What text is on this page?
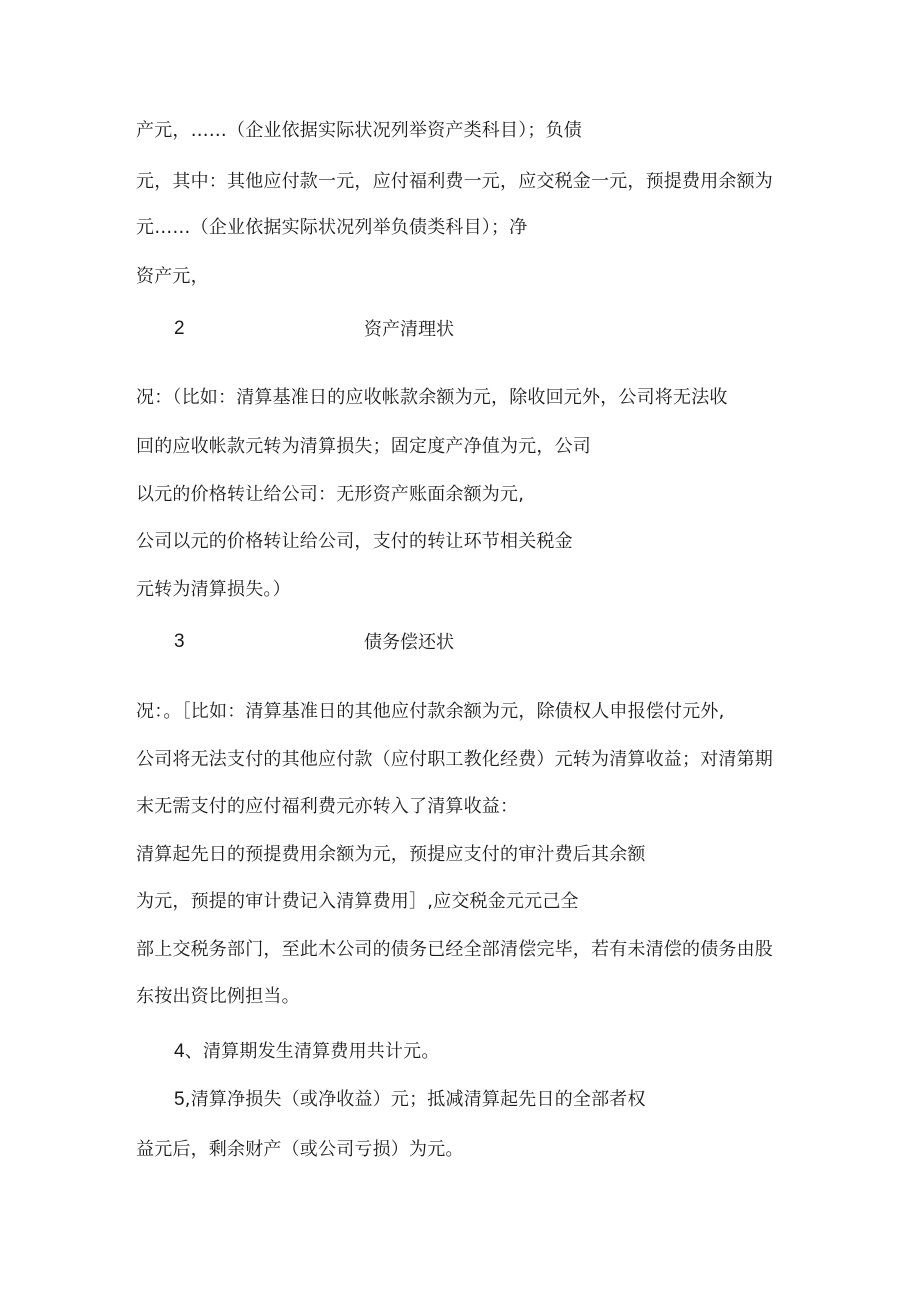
产元，……（企业依据实际状况列举资产类科目）；负债
元，其中：其他应付款一元，应付福利费一元，应交税金一元，预提费用余额为
元……（企业依据实际状况列举负债类科目）；净
资产元，
2	资产清理状
况：（比如：清算基准日的应收帐款余额为元，除收回元外，公司将无法收
回的应收帐款元转为清算损失；固定度产净值为元，公司
以元的价格转让给公司：无形资产账面余额为元,
公司以元的价格转让给公司，支付的转让环节相关税金
元转为清算损失。）
3	债务偿还状
况：。［比如：清算基准日的其他应付款余额为元，除债权人申报偿付元外,
公司将无法支付的其他应付款（应付职工教化经费）元转为清算收益；对清第期
末无需支付的应付福利费元亦转入了清算收益：
清算起先日的预提费用余额为元，预提应支付的审汁费后其余额
为元，预提的审计费记入清算费用］,应交税金元元己全
部上交税务部门，至此木公司的债务已经全部清偿完毕，若有未清偿的债务由股
东按出资比例担当。
4、清算期发生清算费用共计元。
5,清算净损失（或净收益）元；抵减清算起先日的全部者权
益元后，剩余财产（或公司亏损）为元。
